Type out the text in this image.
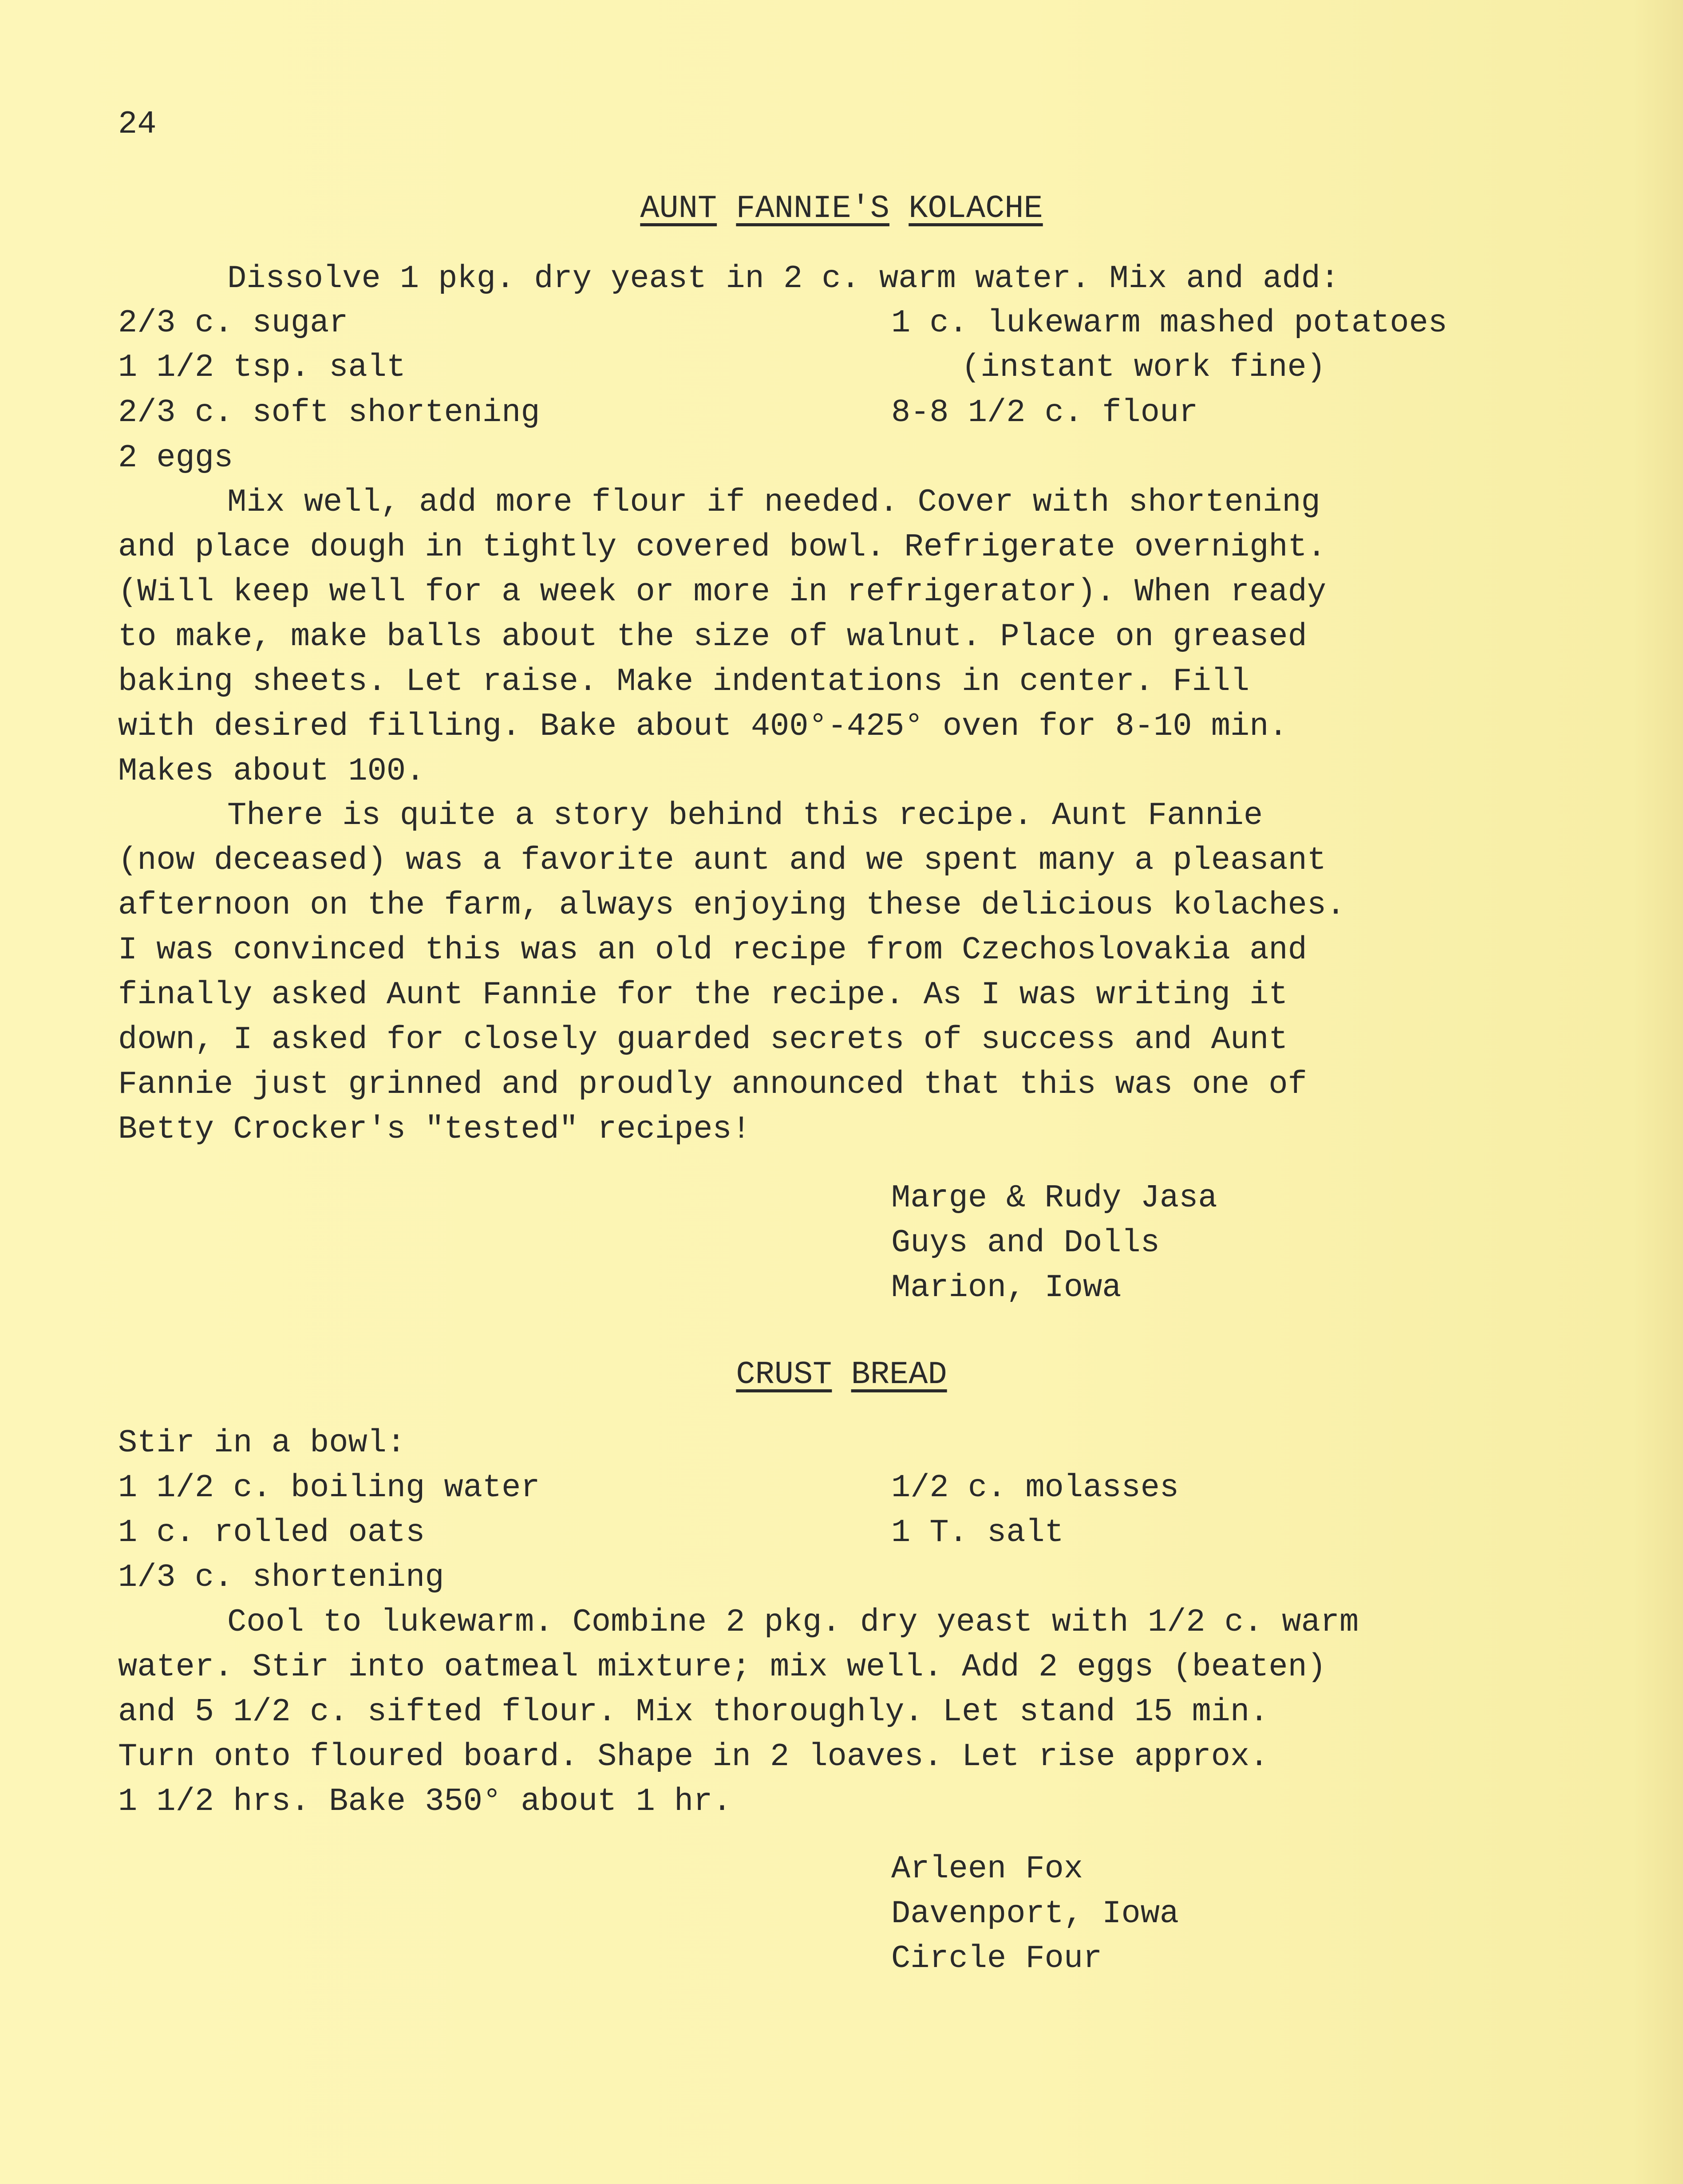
24
AUNT FANNIE'S KOLACHE
Dissolve 1 pkg. dry yeast in 2 c. warm water. Mix and add:
2/3 c. sugar
1 1/2 tsp. salt
2/3 c. soft shortening
2 eggs
1 c. lukewarm mashed potatoes
(instant work fine)
8-8 1/2 c. flour
Mix well, add more flour if needed. Cover with shortening
and place dough in tightly covered bowl. Refrigerate overnight.
(Will keep well for a week or more in refrigerator). When ready
to make, make balls about the size of walnut. Place on greased
baking sheets. Let raise. Make indentations in center. Fill
with desired filling. Bake about 400°-425° oven for 8-10 min.
Makes about 100.
There is quite a story behind this recipe. Aunt Fannie
(now deceased) was a favorite aunt and we spent many a pleasant
afternoon on the farm, always enjoying these delicious kolaches.
I was convinced this was an old recipe from Czechoslovakia and
finally asked Aunt Fannie for the recipe. As I was writing it
down, I asked for closely guarded secrets of success and Aunt
Fannie just grinned and proudly announced that this was one of
Betty Crocker's "tested" recipes!
Marge & Rudy Jasa
Guys and Dolls
Marion, Iowa
CRUST BREAD
Stir in a bowl:
1 1/2 c. boiling water
1 c. rolled oats
1/3 c. shortening
1/2 c. molasses
1 T. salt
Cool to lukewarm. Combine 2 pkg. dry yeast with 1/2 c. warm
water. Stir into oatmeal mixture; mix well. Add 2 eggs (beaten)
and 5 1/2 c. sifted flour. Mix thoroughly. Let stand 15 min.
Turn onto floured board. Shape in 2 loaves. Let rise approx.
1 1/2 hrs. Bake 350° about 1 hr.
Arleen Fox
Davenport, Iowa
Circle Four
